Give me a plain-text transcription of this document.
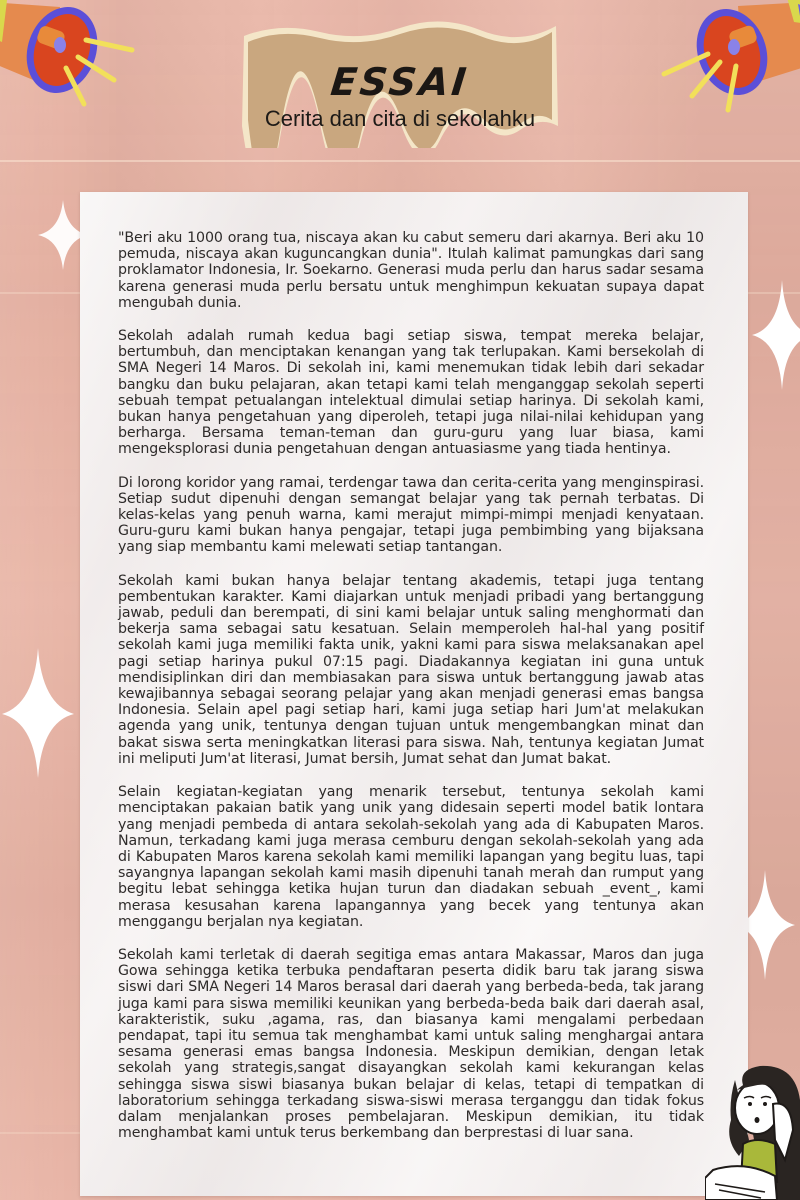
ESSAI
Cerita dan cita di sekolahku

"Beri aku 1000 orang tua, niscaya akan ku cabut semeru dari akarnya. Beri aku 10 pemuda, niscaya akan kuguncangkan dunia". Itulah kalimat pamungkas dari sang proklamator Indonesia, Ir. Soekarno. Generasi muda perlu dan harus sadar sesama karena generasi muda perlu bersatu untuk menghimpun kekuatan supaya dapat mengubah dunia.

Sekolah adalah rumah kedua bagi setiap siswa, tempat mereka belajar, bertumbuh, dan menciptakan kenangan yang tak terlupakan. Kami bersekolah di SMA Negeri 14 Maros. Di sekolah ini, kami menemukan tidak lebih dari sekadar bangku dan buku pelajaran, akan tetapi kami telah menganggap sekolah seperti sebuah tempat petualangan intelektual dimulai setiap harinya. Di sekolah kami, bukan hanya pengetahuan yang diperoleh, tetapi juga nilai-nilai kehidupan yang berharga. Bersama teman-teman dan guru-guru yang luar biasa, kami mengeksplorasi dunia pengetahuan dengan antuasiasme yang tiada hentinya.

Di lorong koridor yang ramai, terdengar tawa dan cerita-cerita yang menginspirasi. Setiap sudut dipenuhi dengan semangat belajar yang tak pernah terbatas. Di kelas-kelas yang penuh warna, kami merajut mimpi-mimpi menjadi kenyataan. Guru-guru kami bukan hanya pengajar, tetapi juga pembimbing yang bijaksana yang siap membantu kami melewati setiap tantangan.

Sekolah kami bukan hanya belajar tentang akademis, tetapi juga tentang pembentukan karakter. Kami diajarkan untuk menjadi pribadi yang bertanggung jawab, peduli dan berempati, di sini kami belajar untuk saling menghormati dan bekerja sama sebagai satu kesatuan. Selain memperoleh hal-hal yang positif sekolah kami juga memiliki fakta unik, yakni kami para siswa melaksanakan apel pagi setiap harinya pukul 07:15 pagi. Diadakannya kegiatan ini guna untuk mendisiplinkan diri dan membiasakan para siswa untuk bertanggung jawab atas kewajibannya sebagai seorang pelajar yang akan menjadi generasi emas bangsa Indonesia. Selain apel pagi setiap hari, kami juga setiap hari Jum'at melakukan agenda yang unik, tentunya dengan tujuan untuk mengembangkan minat dan bakat siswa serta meningkatkan literasi para siswa. Nah, tentunya kegiatan Jumat ini meliputi Jum'at literasi, Jumat bersih, Jumat sehat dan Jumat bakat.

Selain kegiatan-kegiatan yang menarik tersebut, tentunya sekolah kami menciptakan pakaian batik yang unik yang didesain seperti model batik lontara yang menjadi pembeda di antara sekolah-sekolah yang ada di Kabupaten Maros. Namun, terkadang kami juga merasa cemburu dengan sekolah-sekolah yang ada di Kabupaten Maros karena sekolah kami memiliki lapangan yang begitu luas, tapi sayangnya lapangan sekolah kami masih dipenuhi tanah merah dan rumput yang begitu lebat sehingga ketika hujan turun dan diadakan sebuah _event_, kami merasa kesusahan karena lapangannya yang becek yang tentunya akan menggangu berjalan nya kegiatan.

Sekolah kami terletak di daerah segitiga emas antara Makassar, Maros dan juga Gowa sehingga ketika terbuka pendaftaran peserta didik baru tak jarang siswa siswi dari SMA Negeri 14 Maros berasal dari daerah yang berbeda-beda, tak jarang juga kami para siswa memiliki keunikan yang berbeda-beda baik dari daerah asal, karakteristik, suku ,agama, ras, dan biasanya kami mengalami perbedaan pendapat, tapi itu semua tak menghambat kami untuk saling menghargai antara sesama generasi emas bangsa Indonesia. Meskipun demikian, dengan letak sekolah yang strategis,sangat disayangkan sekolah kami kekurangan kelas sehingga siswa siswi biasanya bukan belajar di kelas, tetapi di tempatkan di laboratorium sehingga terkadang siswa-siswi merasa terganggu dan tidak fokus dalam menjalankan proses pembelajaran. Meskipun demikian, itu tidak menghambat kami untuk terus berkembang dan berprestasi di luar sana.
